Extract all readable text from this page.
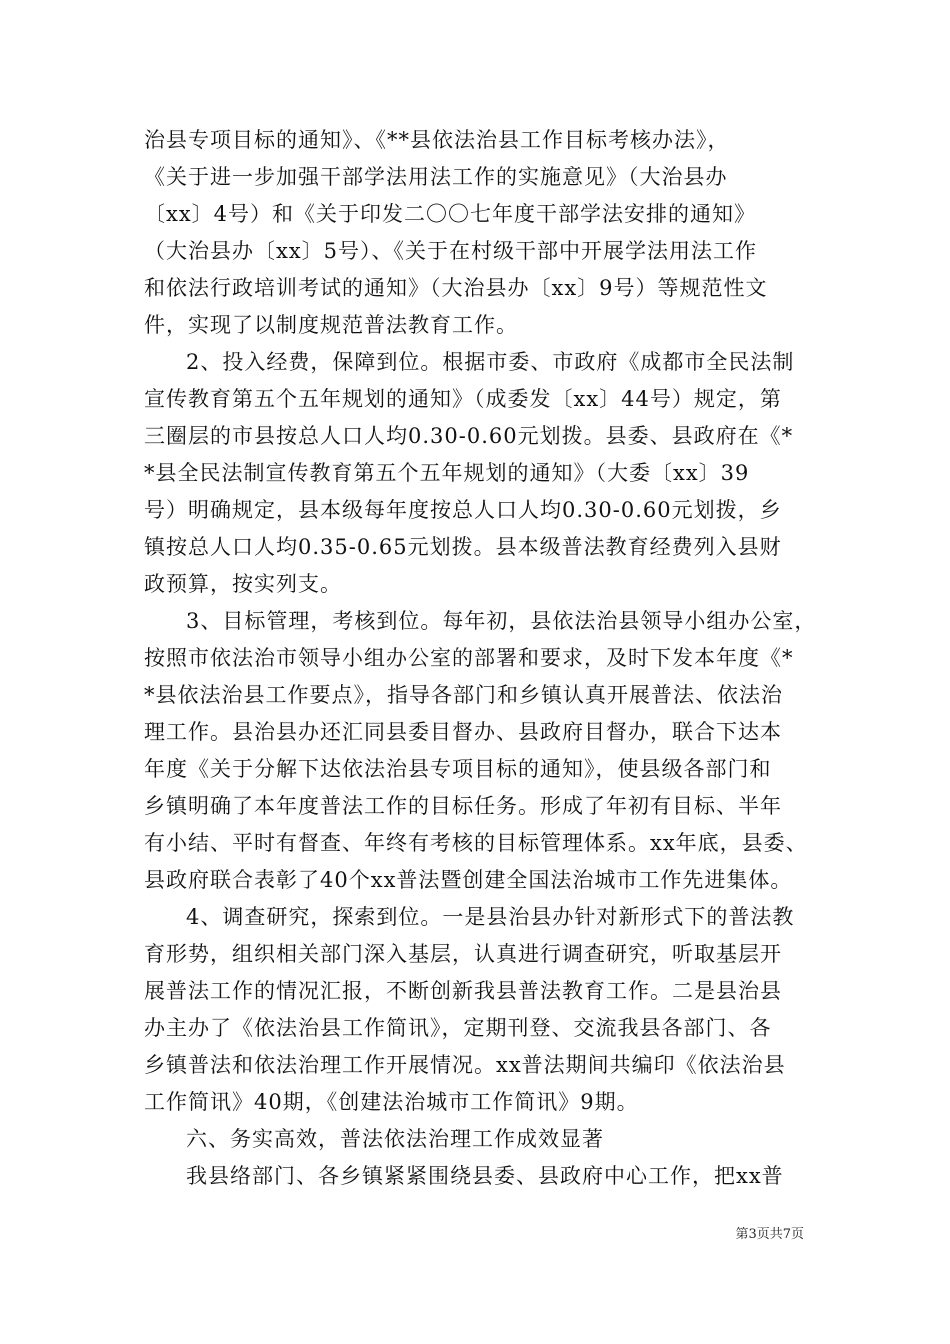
治县专项目标的通知》、《**县依法治县工作目标考核办法》，
《关于进一步加强干部学法用法工作的实施意见》（大治县办
〔xx〕4号）和《关于印发二〇〇七年度干部学法安排的通知》
（大治县办〔xx〕5号）、《关于在村级干部中开展学法用法工作
和依法行政培训考试的通知》（大治县办〔xx〕9号）等规范性文
件，实现了以制度规范普法教育工作。
2、投入经费，保障到位。根据市委、市政府《成都市全民法制
宣传教育第五个五年规划的通知》（成委发〔xx〕44号）规定，第
三圈层的市县按总人口人均0.30-0.60元划拨。县委、县政府在《*
*县全民法制宣传教育第五个五年规划的通知》（大委〔xx〕39
号）明确规定，县本级每年度按总人口人均0.30-0.60元划拨，乡
镇按总人口人均0.35-0.65元划拨。县本级普法教育经费列入县财
政预算，按实列支。
3、目标管理，考核到位。每年初，县依法治县领导小组办公室，
按照市依法治市领导小组办公室的部署和要求，及时下发本年度《*
*县依法治县工作要点》，指导各部门和乡镇认真开展普法、依法治
理工作。县治县办还汇同县委目督办、县政府目督办，联合下达本
年度《关于分解下达依法治县专项目标的通知》，使县级各部门和
乡镇明确了本年度普法工作的目标任务。形成了年初有目标、半年
有小结、平时有督查、年终有考核的目标管理体系。xx年底，县委、
县政府联合表彰了40个xx普法暨创建全国法治城市工作先进集体。
4、调查研究，探索到位。一是县治县办针对新形式下的普法教
育形势，组织相关部门深入基层，认真进行调查研究，听取基层开
展普法工作的情况汇报，不断创新我县普法教育工作。二是县治县
办主办了《依法治县工作简讯》，定期刊登、交流我县各部门、各
乡镇普法和依法治理工作开展情况。xx普法期间共编印《依法治县
工作简讯》40期，《创建法治城市工作简讯》9期。
六、务实高效，普法依法治理工作成效显著
我县络部门、各乡镇紧紧围绕县委、县政府中心工作，把xx普
第3页共7页
